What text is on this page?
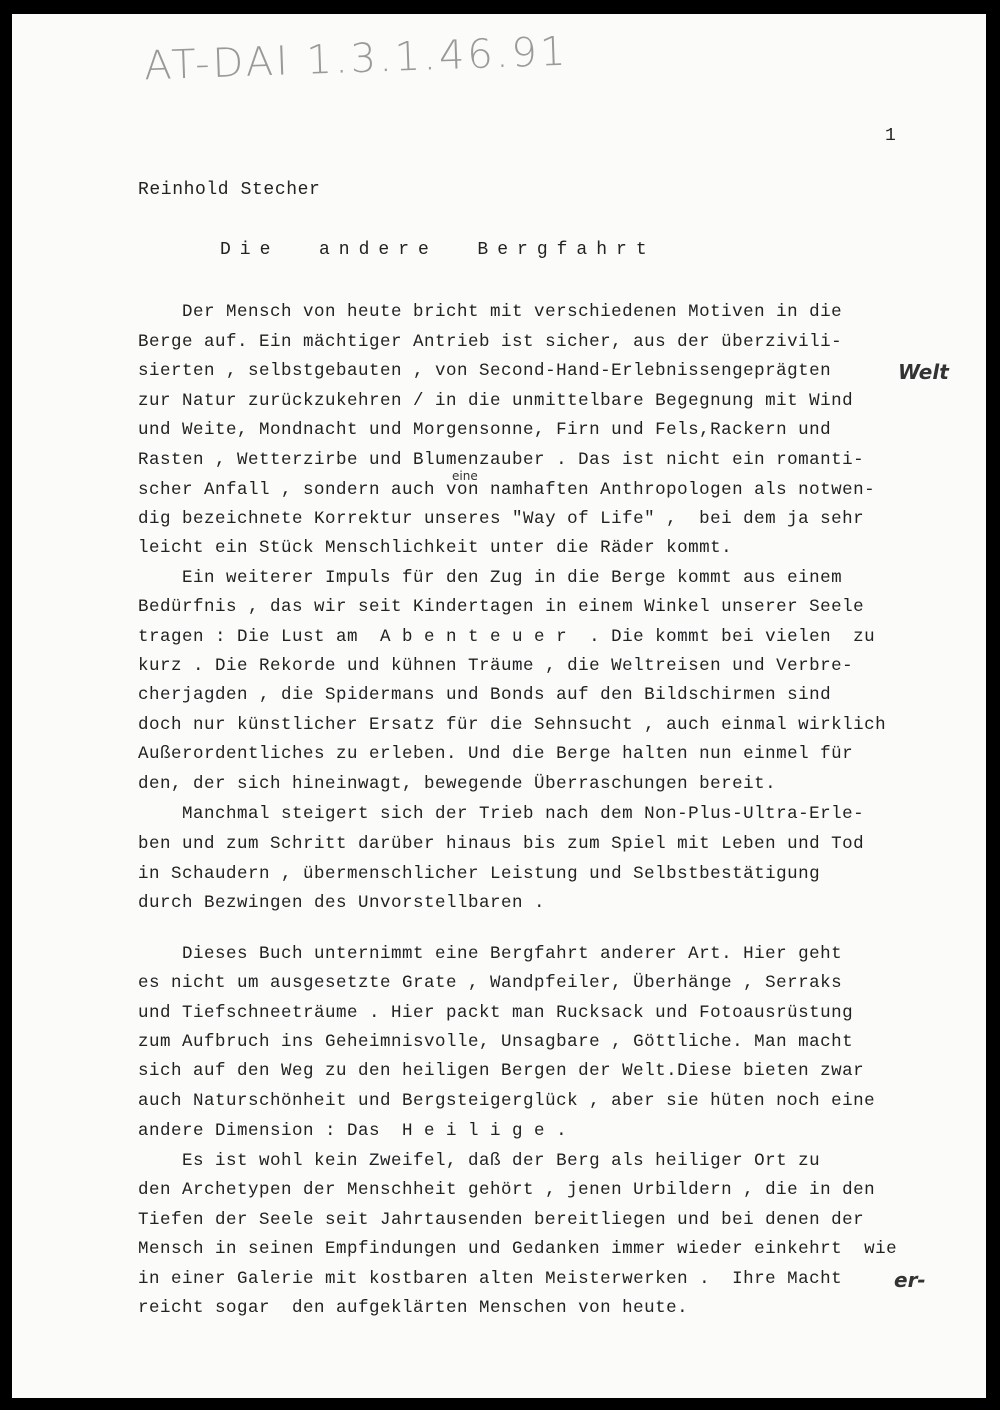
AT-DAI 1.3.1.46.91
1
Reinhold Stecher
Die  andere  Bergfahrt
Der Mensch von heute bricht mit verschiedenen Motiven in die
Berge auf. Ein mächtiger Antrieb ist sicher, aus der überzivili-
sierten , selbstgebauten , von Second-Hand-Erlebnissengeprägten
zur Natur zurückzukehren / in die unmittelbare Begegnung mit Wind
und Weite, Mondnacht und Morgensonne, Firn und Fels,Rackern und
Rasten , Wetterzirbe und Blumenzauber . Das ist nicht ein romanti-
scher Anfall , sondern auch von namhaften Anthropologen als notwen-
dig bezeichnete Korrektur unseres "Way of Life" ,  bei dem ja sehr
leicht ein Stück Menschlichkeit unter die Räder kommt.
Ein weiterer Impuls für den Zug in die Berge kommt aus einem
Bedürfnis , das wir seit Kindertagen in einem Winkel unserer Seele
tragen : Die Lust am  A b e n t e u e r  . Die kommt bei vielen  zu
kurz . Die Rekorde und kühnen Träume , die Weltreisen und Verbre-
cherjagden , die Spidermans und Bonds auf den Bildschirmen sind
doch nur künstlicher Ersatz für die Sehnsucht , auch einmal wirklich
Außerordentliches zu erleben. Und die Berge halten nun einmel für
den, der sich hineinwagt, bewegende Überraschungen bereit.
Manchmal steigert sich der Trieb nach dem Non-Plus-Ultra-Erle-
ben und zum Schritt darüber hinaus bis zum Spiel mit Leben und Tod
in Schaudern , übermenschlicher Leistung und Selbstbestätigung
durch Bezwingen des Unvorstellbaren .
Dieses Buch unternimmt eine Bergfahrt anderer Art. Hier geht
es nicht um ausgesetzte Grate , Wandpfeiler, Überhänge , Serraks
und Tiefschneeträume . Hier packt man Rucksack und Fotoausrüstung
zum Aufbruch ins Geheimnisvolle, Unsagbare , Göttliche. Man macht
sich auf den Weg zu den heiligen Bergen der Welt.Diese bieten zwar
auch Naturschönheit und Bergsteigerglück , aber sie hüten noch eine
andere Dimension : Das  H e i l i g e .
Es ist wohl kein Zweifel, daß der Berg als heiliger Ort zu
den Archetypen der Menschheit gehört , jenen Urbildern , die in den
Tiefen der Seele seit Jahrtausenden bereitliegen und bei denen der
Mensch in seinen Empfindungen und Gedanken immer wieder einkehrt  wie
in einer Galerie mit kostbaren alten Meisterwerken .  Ihre Macht
reicht sogar  den aufgeklärten Menschen von heute.
Welt
eine
er-
